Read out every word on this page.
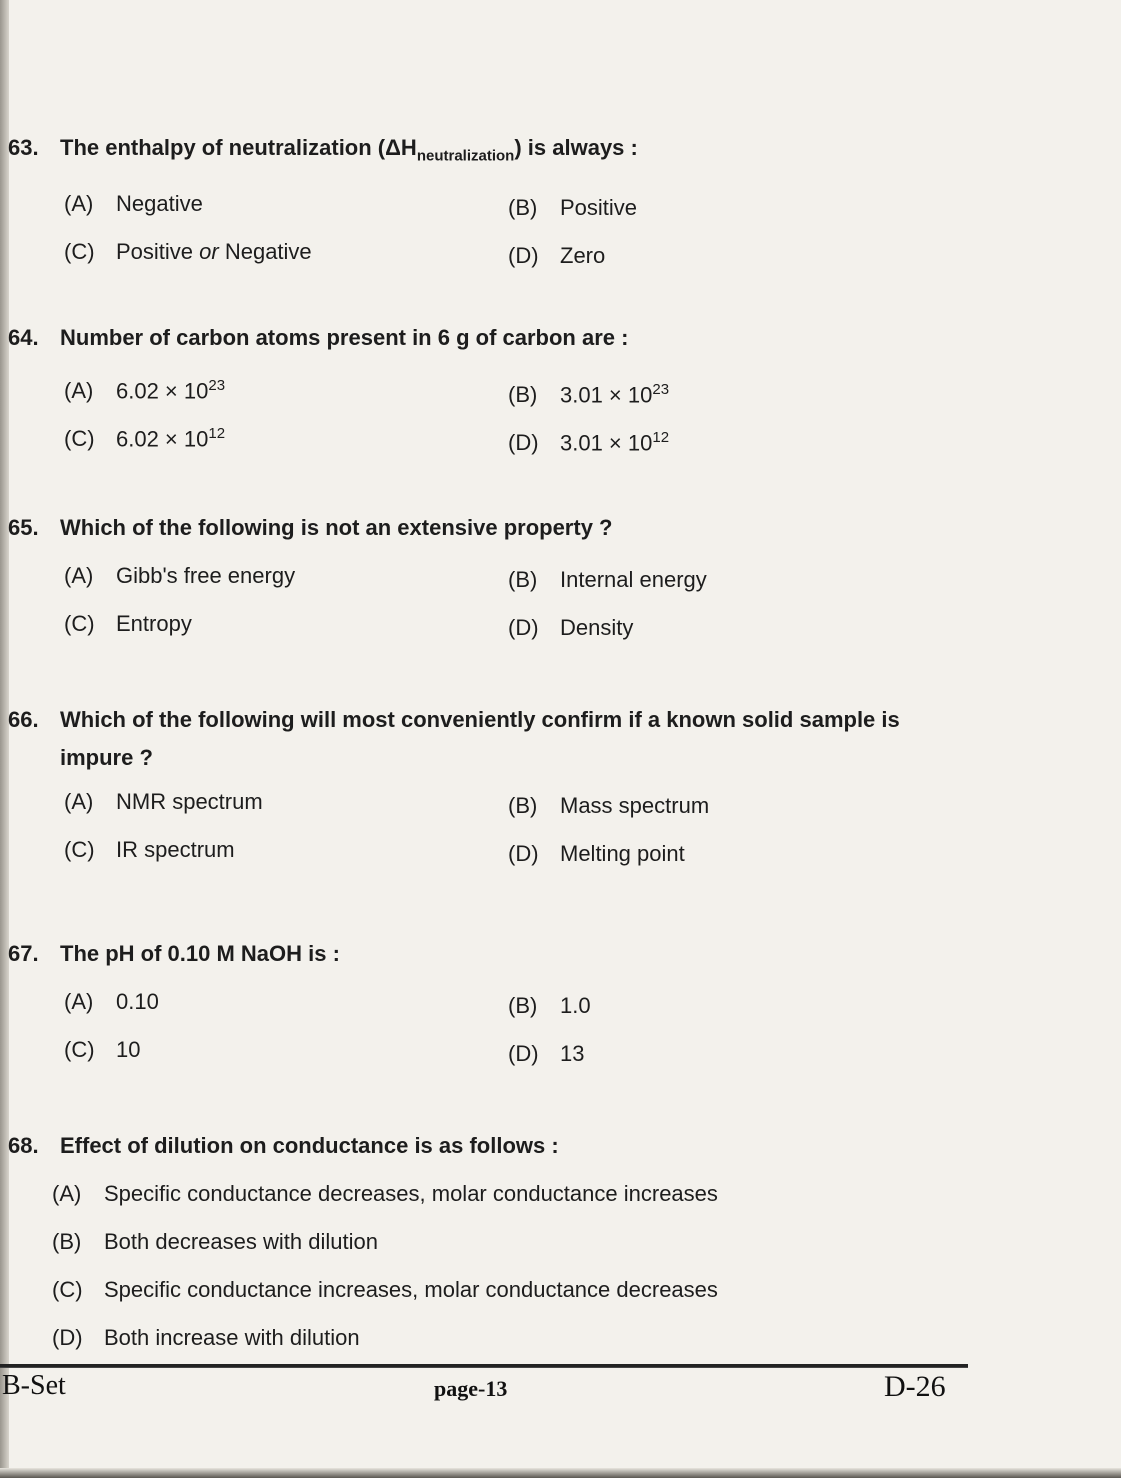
63. The enthalpy of neutralization $(\Delta H_{neutralization})$ is always :
(A) Negative	(B) Positive
(C) Positive or Negative	(D) Zero
64. Number of carbon atoms present in 6 g of carbon are :
(A) $6.02 \times 10^{23}$	(B) $3.01 \times 10^{23}$
(C) $6.02 \times 10^{12}$	(D) $3.01 \times 10^{12}$
65. Which of the following is not an extensive property ?
(A) Gibb's free energy	(B) Internal energy
(C) Entropy	(D) Density
66. Which of the following will most conveniently confirm if a known solid sample is
impure ?
(A) NMR spectrum	(B) Mass spectrum
(C) IR spectrum	(D) Melting point
67. The pH of 0.10 M NaOH is :
(A) 0.10	(B) 1.0
(C) 10	(D) 13
68. Effect of dilution on conductance is as follows :
(A) Specific conductance decreases, molar conductance increases
(B) Both decreases with dilution
(C) Specific conductance increases, molar conductance decreases
(D) Both increase with dilution
B-Set	page-13	D-26
